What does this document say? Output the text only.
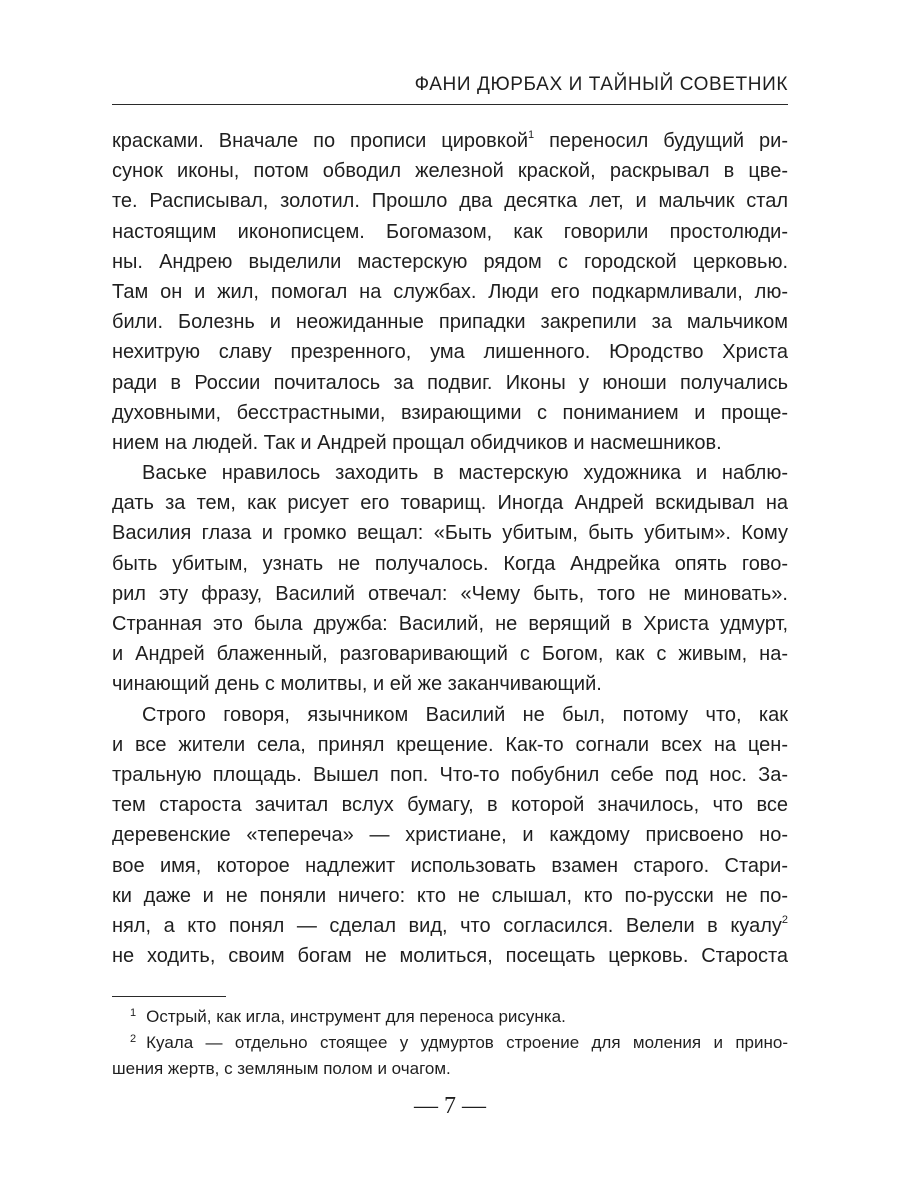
ФАНИ ДЮРБАХ И ТАЙНЫЙ СОВЕТНИК
красками. Вначале по прописи цировкой$^1$ переносил будущий ри-
сунок иконы, потом обводил железной краской, раскрывал в цве-
те. Расписывал, золотил. Прошло два десятка лет, и мальчик стал
настоящим иконописцем. Богомазом, как говорили простолюди-
ны. Андрею выделили мастерскую рядом с городской церковью.
Там он и жил, помогал на службах. Люди его подкармливали, лю-
били. Болезнь и неожиданные припадки закрепили за мальчиком
нехитрую славу презренного, ума лишенного. Юродство Христа
ради в России почиталось за подвиг. Иконы у юноши получались
духовными, бесстрастными, взирающими с пониманием и проще-
нием на людей. Так и Андрей прощал обидчиков и насмешников.
Ваське нравилось заходить в мастерскую художника и наблю-
дать за тем, как рисует его товарищ. Иногда Андрей вскидывал на
Василия глаза и громко вещал: «Быть убитым, быть убитым». Кому
быть убитым, узнать не получалось. Когда Андрейка опять гово-
рил эту фразу, Василий отвечал: «Чему быть, того не миновать».
Странная это была дружба: Василий, не верящий в Христа удмурт,
и Андрей блаженный, разговаривающий с Богом, как с живым, на-
чинающий день с молитвы, и ей же заканчивающий.
Строго говоря, язычником Василий не был, потому что, как
и все жители села, принял крещение. Как-то согнали всех на цен-
тральную площадь. Вышел поп. Что-то побубнил себе под нос. За-
тем староста зачитал вслух бумагу, в которой значилось, что все
деревенские «тепереча» — христиане, и каждому присвоено но-
вое имя, которое надлежит использовать взамен старого. Стари-
ки даже и не поняли ничего: кто не слышал, кто по-русски не по-
нял, а кто понял — сделал вид, что согласился. Велели в куалу$^2$
не ходить, своим богам не молиться, посещать церковь. Староста
$^1$ Острый, как игла, инструмент для переноса рисунка.
$^2$ Куала — отдельно стоящее у удмуртов строение для моления и прино-
шения жертв, с земляным полом и очагом.
— 7 —
